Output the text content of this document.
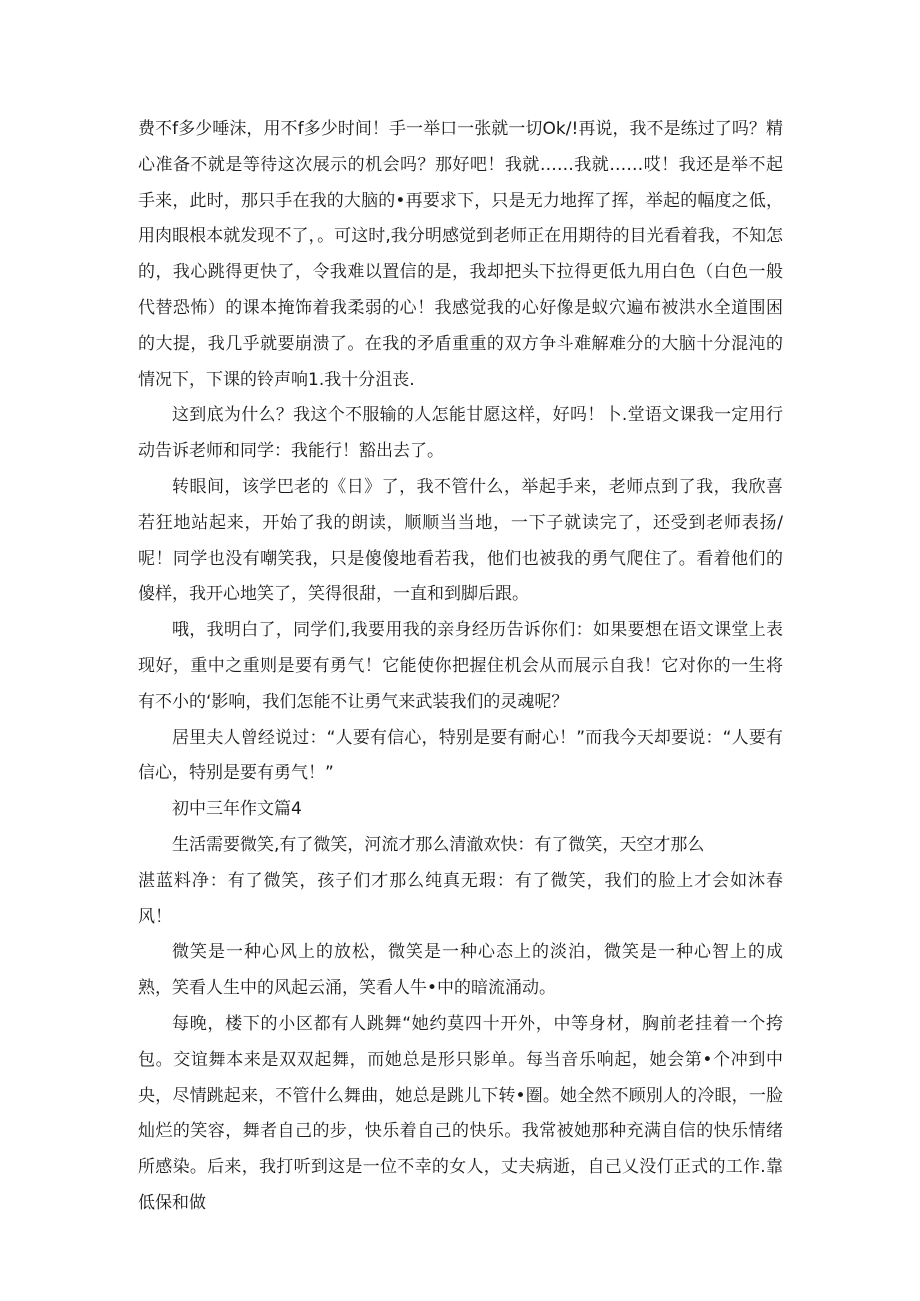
费不f多少唾沫，用不f多少时间！手一举口一张就一切Ok/!再说，我不是练过了吗？精心准备不就是等待这次展示的机会吗？那好吧！我就……我就……哎！我还是举不起手来，此时，那只手在我的大脑的•再要求下，只是无力地挥了挥，举起的幅度之低，用肉眼根本就发现不了，。可这时,我分明感觉到老师正在用期待的目光看着我，不知怎的，我心跳得更快了，令我难以置信的是，我却把头下拉得更低九用白色（白色一般代替恐怖）的课本掩饰着我柔弱的心！我感觉我的心好像是蚁穴遍布被洪水全道围困的大提，我几乎就要崩溃了。在我的矛盾重重的双方争斗难解难分的大脑十分混沌的情况下，下课的铃声响1.我十分沮丧.

这到底为什么？我这个不服输的人怎能甘愿这样，好吗！卜.堂语文课我一定用行动告诉老师和同学：我能行！豁出去了。

转眼间，该学巴老的《日》了，我不管什么，举起手来，老师点到了我，我欣喜若狂地站起来，开始了我的朗读，顺顺当当地，一下子就读完了，还受到老师表扬/呢！同学也没有嘲笑我，只是傻傻地看若我，他们也被我的勇气爬住了。看着他们的傻样，我开心地笑了，笑得很甜，一直和到脚后跟。

哦，我明白了，同学们,我要用我的亲身经历告诉你们：如果要想在语文课堂上表现好，重中之重则是要有勇气！它能使你把握住机会从而展示自我！它对你的一生将有不小的‘影响，我们怎能不让勇气来武装我们的灵魂呢？

居里夫人曾经说过：“人要有信心，特别是要有耐心！”而我今天却要说：“人要有信心，特别是要有勇气！”

初中三年作文篇4

生活需要微笑,有了微笑，河流才那么清澈欢快：有了微笑，天空才那么

湛蓝料净：有了微笑，孩子们才那么纯真无瑕：有了微笑，我们的脸上才会如沐春风！

微笑是一种心风上的放松，微笑是一种心态上的淡泊，微笑是一种心智上的成熟，笑看人生中的风起云涌，笑看人牛•中的暗流涌动。

每晚，楼下的小区都有人跳舞“她约莫四十开外，中等身材，胸前老挂着一个挎包。交谊舞本来是双双起舞，而她总是形只影单。每当音乐响起，她会第•个冲到中央，尽情跳起来，不管什么舞曲，她总是跳儿下转•圈。她全然不顾別人的冷眼，一脸灿烂的笑容，舞者自己的步，快乐着自己的快乐。我常被她那种充满自信的快乐情绪所感染。后来，我打听到这是一位不幸的女人，丈夫病逝，自己乂没仃正式的工作.靠低保和做
